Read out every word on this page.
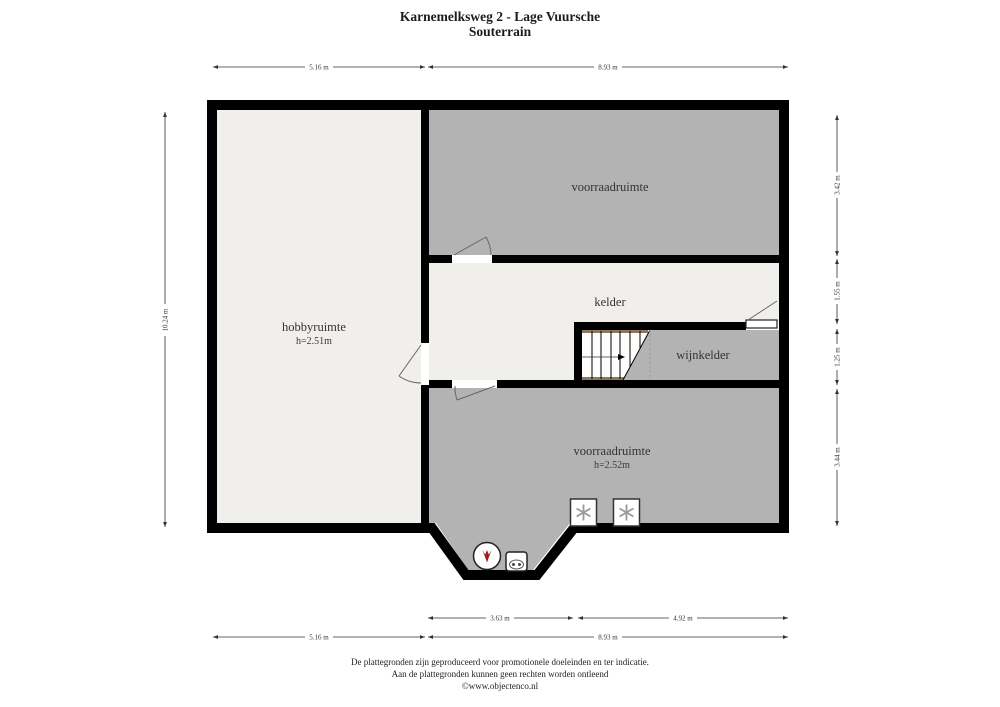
Karnemelksweg 2 - Lage Vuursche
Souterrain
voorraadruimte
hobbyruimte
h=2.51m
kelder
wijnkelder
voorraadruimte
h=2.52m
5.16 m	8.93 m
10.24 m
3.42 m
1.55 m
1.25 m
3.44 m
3.63 m	4.92 m
5.16 m	8.93 m
De plattegronden zijn geproduceerd voor promotionele doeleinden en ter indicatie.
Aan de plattegronden kunnen geen rechten worden ontleend
©www.objectenco.nl
